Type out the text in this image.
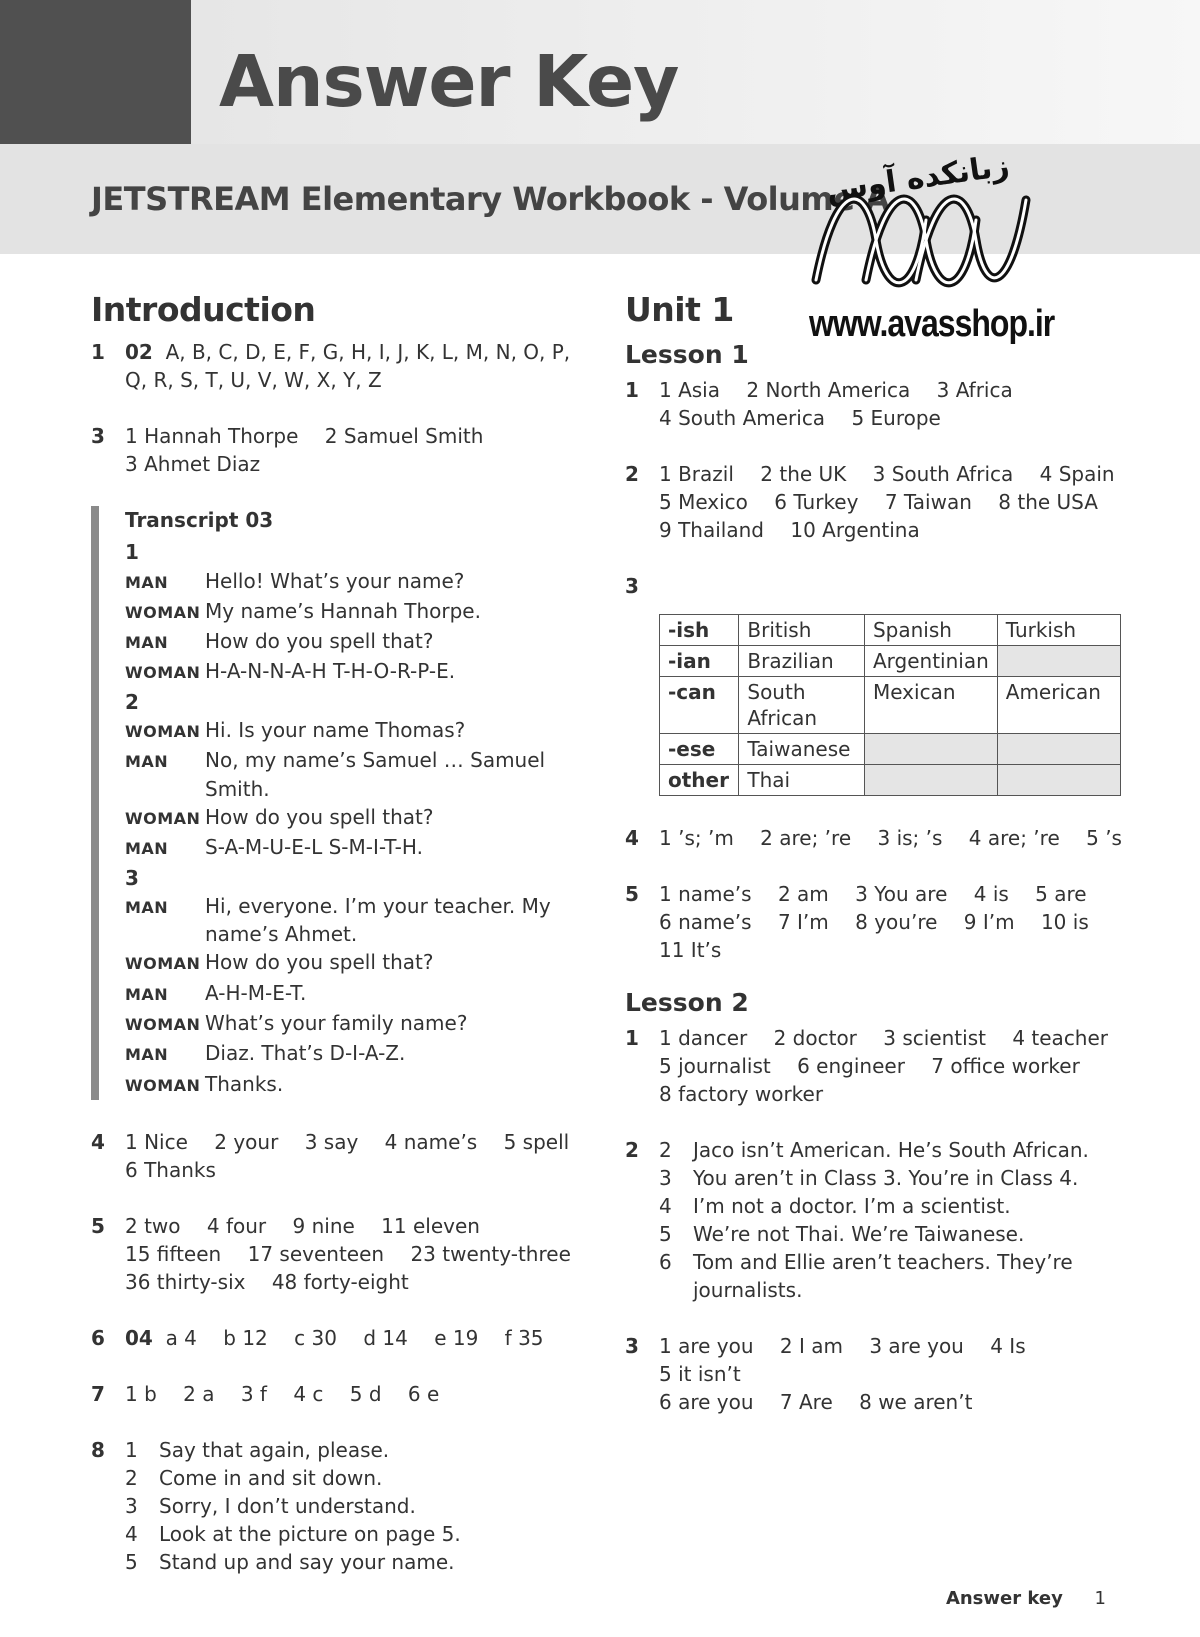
Answer Key
JETSTREAM Elementary Workbook - Volume A
زبانکده آوس
www.avasshop.ir
Introduction
1	02 A, B, C, D, E, F, G, H, I, J, K, L, M, N, O, P, Q, R, S, T, U, V, W, X, Y, Z
3	1 Hannah Thorpe 2 Samuel Smith
3 Ahmet Diaz
Transcript 03
1
MAN	Hello! What’s your name?
WOMAN My name’s Hannah Thorpe.
MAN	How do you spell that?
WOMAN H-A-N-N-A-H T-H-O-R-P-E.
2
WOMAN Hi. Is your name Thomas?
MAN	No, my name’s Samuel … Samuel Smith.
WOMAN How do you spell that?
MAN	S-A-M-U-E-L S-M-I-T-H.
3
MAN	Hi, everyone. I’m your teacher. My name’s Ahmet.
WOMAN How do you spell that?
MAN	A-H-M-E-T.
WOMAN What’s your family name?
MAN	Diaz. That’s D-I-A-Z.
WOMAN Thanks.
4	1 Nice 2 your 3 say 4 name’s 5 spell
6 Thanks
5	2 two 4 four 9 nine 11 eleven
15 fifteen 17 seventeen 23 twenty-three
36 thirty-six 48 forty-eight
6	04 a 4 b 12 c 30 d 14 e 19 f 35
7	1 b 2 a 3 f 4 c 5 d 6 e
8	1	Say that again, please.
2	Come in and sit down.
3	Sorry, I don’t understand.
4	Look at the picture on page 5.
5	Stand up and say your name.
Unit 1
Lesson 1
1	1 Asia 2 North America 3 Africa
4 South America 5 Europe
2	1 Brazil 2 the UK 3 South Africa 4 Spain
5 Mexico 6 Turkey 7 Taiwan 8 the USA
9 Thailand 10 Argentina
3
-ish	British	Spanish	Turkish
-ian	Brazilian	Argentinian	
-can	South African	Mexican	American
-ese	Taiwanese		
other	Thai		
4	1 ’s; ’m 2 are; ’re 3 is; ’s 4 are; ’re 5 ’s
5	1 name’s 2 am 3 You are 4 is 5 are
6 name’s 7 I’m 8 you’re 9 I’m 10 is
11 It’s
Lesson 2
1	1 dancer 2 doctor 3 scientist 4 teacher
5 journalist 6 engineer 7 office worker
8 factory worker
2	2	Jaco isn’t American. He’s South African.
3	You aren’t in Class 3. You’re in Class 4.
4	I’m not a doctor. I’m a scientist.
5	We’re not Thai. We’re Taiwanese.
6	Tom and Ellie aren’t teachers. They’re journalists.
3	1 are you 2 I am 3 are you 4 Is 5 it isn’t
6 are you 7 Are 8 we aren’t
Answer key 1
